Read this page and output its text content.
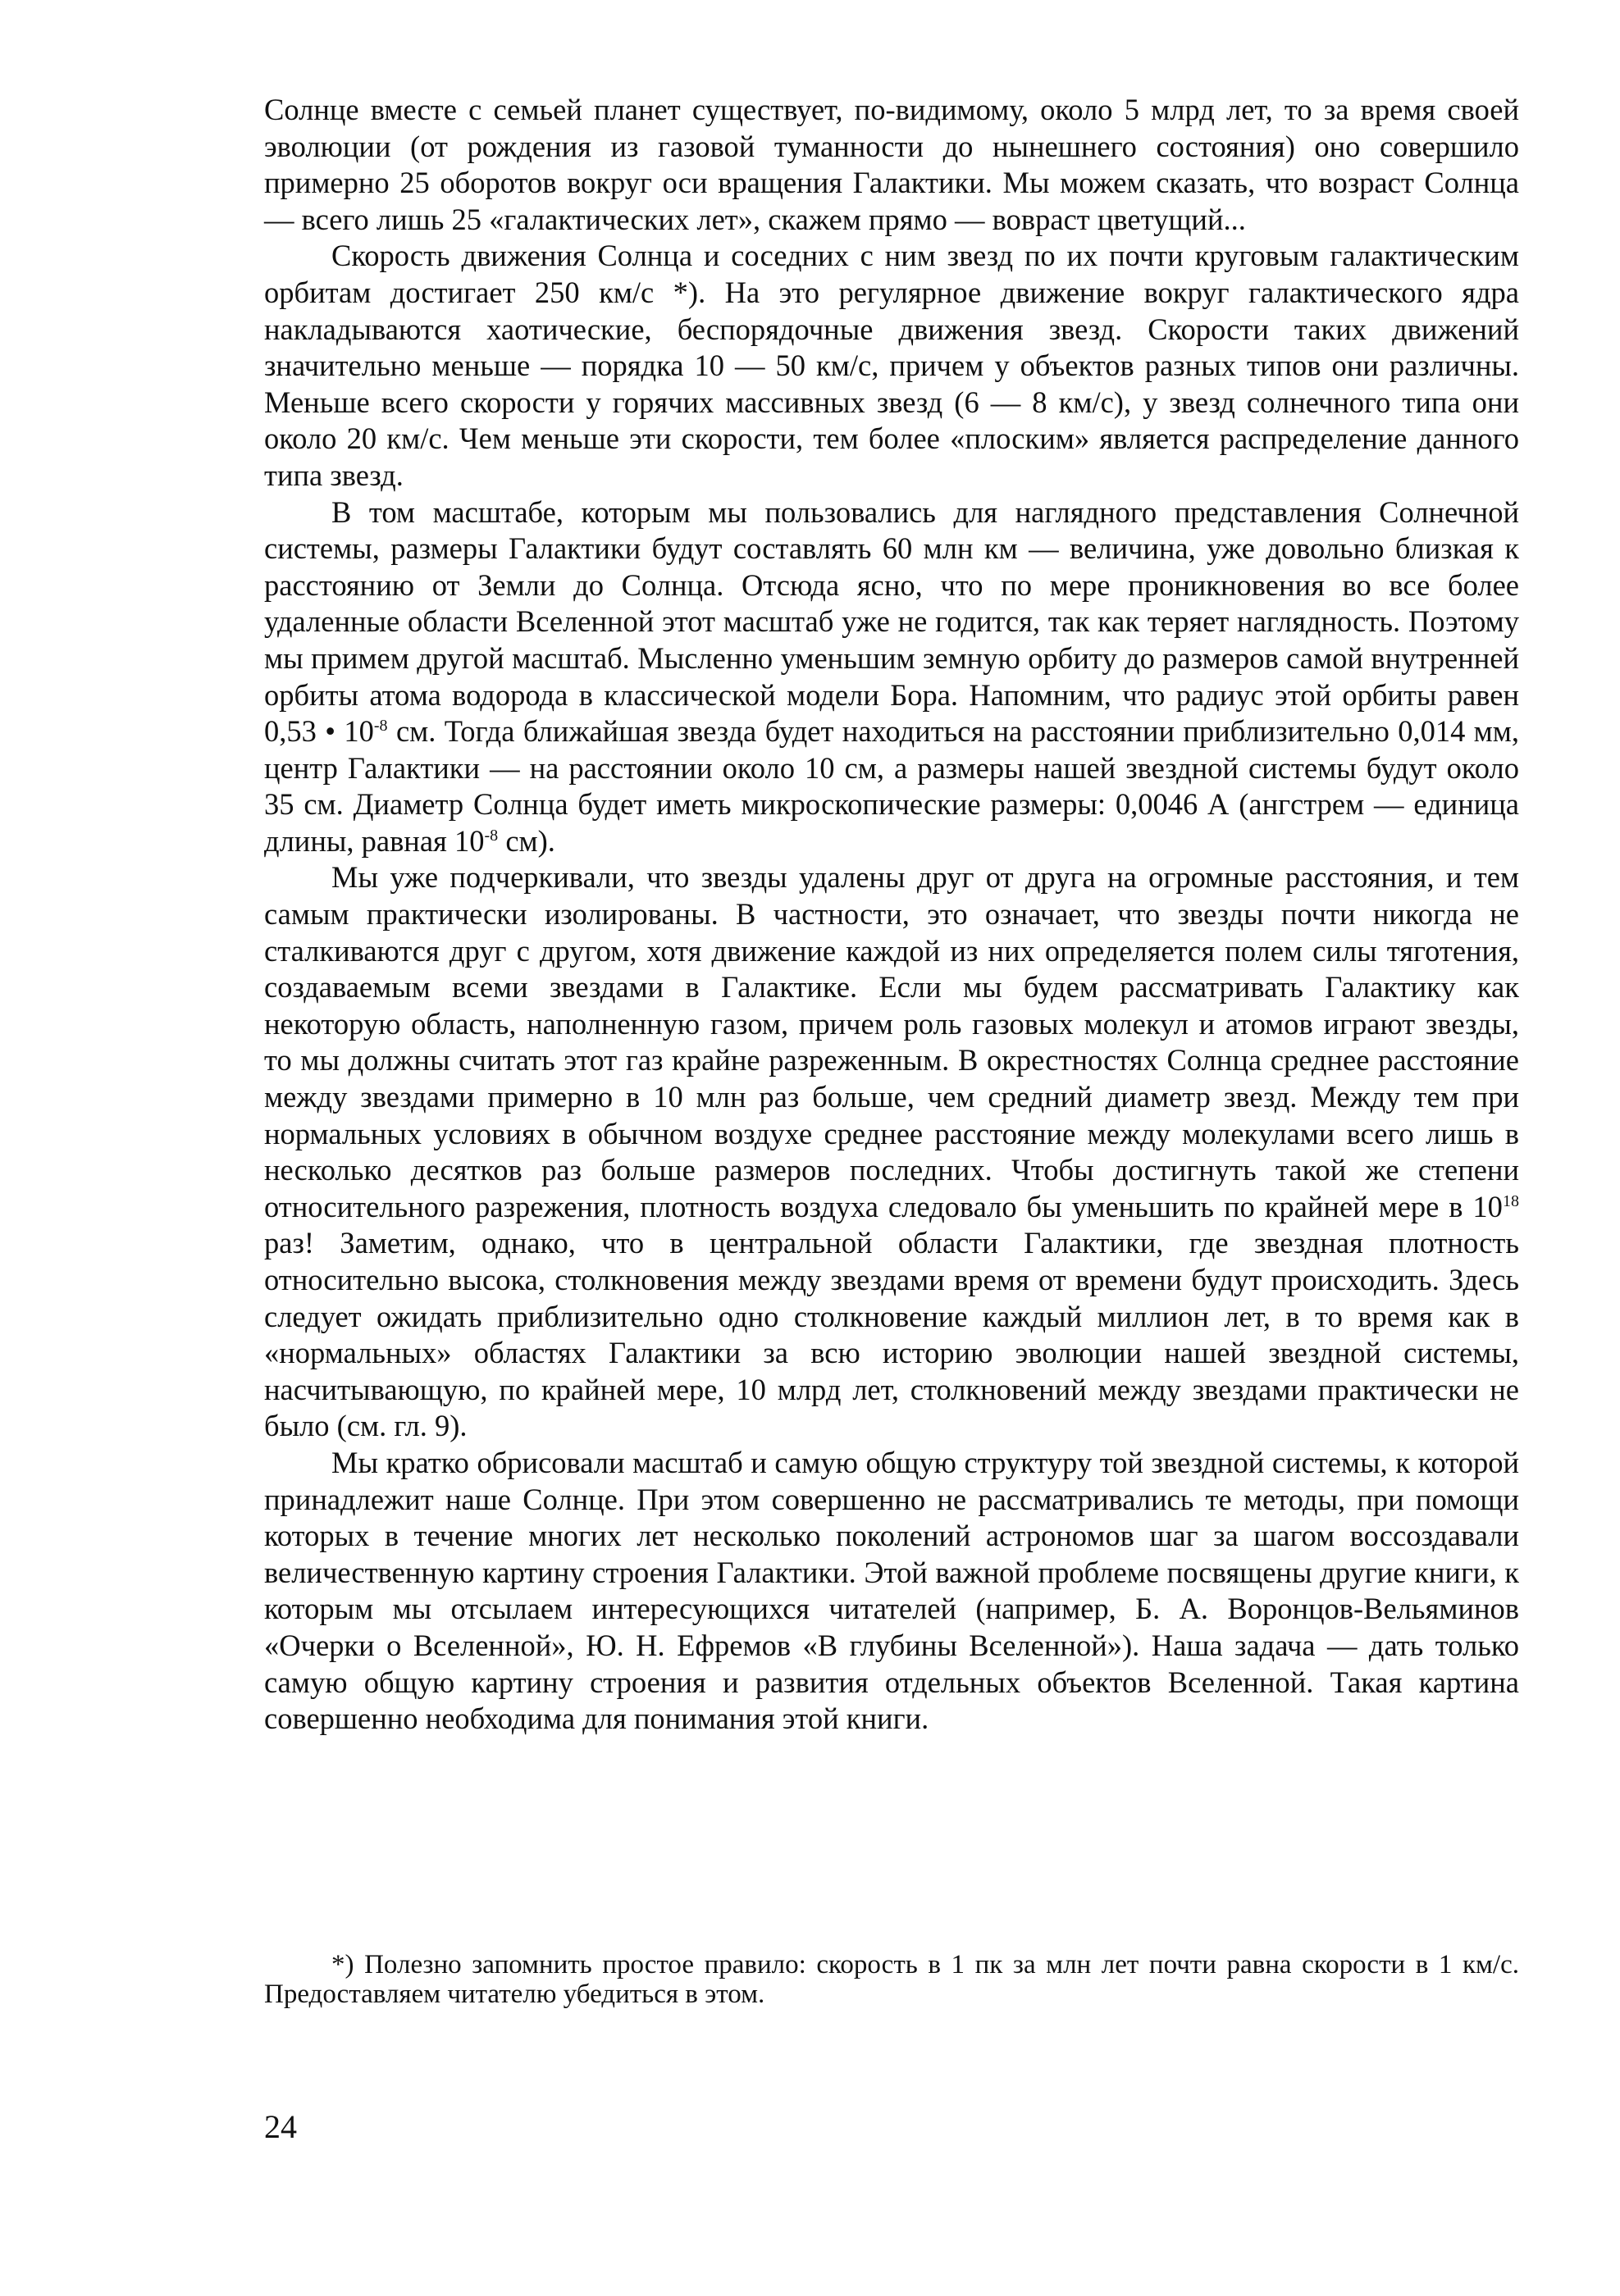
Солнце вместе с семьей планет существует, по-видимому, около 5 млрд лет, то за время своей эволюции (от рождения из газовой туманности до нынешнего состояния) оно совершило примерно 25 оборотов вокруг оси вращения Галактики. Мы можем сказать, что возраст Солнца — всего лишь 25 «галактических лет», скажем прямо — вовраст цветущий...

Скорость движения Солнца и соседних с ним звезд по их почти круговым галактическим орбитам достигает 250 км/с *). На это регулярное движение вокруг галактического ядра накладываются хаотические, беспорядочные движения звезд. Скорости таких движений значительно меньше — порядка 10 — 50 км/с, причем у объектов разных типов они различны. Меньше всего скорости у горячих массивных звезд (6 — 8 км/с), у звезд солнечного типа они около 20 км/с. Чем меньше эти скорости, тем более «плоским» является распределение данного типа звезд.

В том масштабе, которым мы пользовались для наглядного представления Солнечной системы, размеры Галактики будут составлять 60 млн км — величина, уже довольно близкая к расстоянию от Земли до Солнца. Отсюда ясно, что по мере проникновения во все более удаленные области Вселенной этот масштаб уже не годится, так как теряет наглядность. Поэтому мы примем другой масштаб. Мысленно уменьшим земную орбиту до размеров самой внутренней орбиты атома водорода в классической модели Бора. Напомним, что радиус этой орбиты равен 0,53 • $10^{-8}$ см. Тогда ближайшая звезда будет находиться на расстоянии приблизительно 0,014 мм, центр Галактики — на расстоянии около 10 см, а размеры нашей звездной системы будут около 35 см. Диаметр Солнца будет иметь микроскопические размеры: 0,0046 А (ангстрем — единица длины, равная $10^{-8}$ см).

Мы уже подчеркивали, что звезды удалены друг от друга на огромные расстояния, и тем самым практически изолированы. В частности, это означает, что звезды почти никогда не сталкиваются друг с другом, хотя движение каждой из них определяется полем силы тяготения, создаваемым всеми звездами в Галактике. Если мы будем рассматривать Галактику как некоторую область, наполненную газом, причем роль газовых молекул и атомов играют звезды, то мы должны считать этот газ крайне разреженным. В окрестностях Солнца среднее расстояние между звездами примерно в 10 млн раз больше, чем средний диаметр звезд. Между тем при нормальных условиях в обычном воздухе среднее расстояние между молекулами всего лишь в несколько десятков раз больше размеров последних. Чтобы достигнуть такой же степени относительного разрежения, плотность воздуха следовало бы уменьшить по крайней мере в $10^{18}$ раз! Заметим, однако, что в центральной области Галактики, где звездная плотность относительно высока, столкновения между звездами время от времени будут происходить. Здесь следует ожидать приблизительно одно столкновение каждый миллион лет, в то время как в «нормальных» областях Галактики за всю историю эволюции нашей звездной системы, насчитывающую, по крайней мере, 10 млрд лет, столкновений между звездами практически не было (см. гл. 9).

Мы кратко обрисовали масштаб и самую общую структуру той звездной системы, к которой принадлежит наше Солнце. При этом совершенно не рассматривались те методы, при помощи которых в течение многих лет несколько поколений астрономов шаг за шагом воссоздавали величественную картину строения Галактики. Этой важной проблеме посвящены другие книги, к которым мы отсылаем интересующихся читателей (например, Б. А. Воронцов-Вельяминов «Очерки о Вселенной», Ю. Н. Ефремов «В глубины Вселенной»). Наша задача — дать только самую общую картину строения и развития отдельных объектов Вселенной. Такая картина совершенно необходима для понимания этой книги.

*) Полезно запомнить простое правило: скорость в 1 пк за млн лет почти равна скорости в 1 км/с. Предоставляем читателю убедиться в этом.
24
